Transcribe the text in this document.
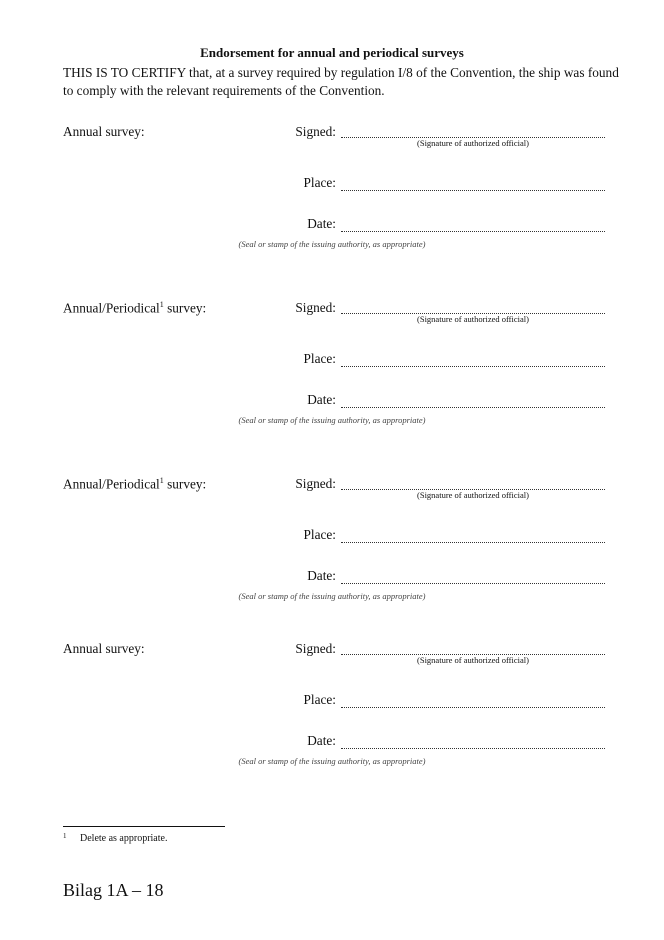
Endorsement for annual and periodical surveys
THIS IS TO CERTIFY that, at a survey required by regulation I/8 of the Convention, the ship was found to comply with the relevant requirements of the Convention.
Annual survey:	Signed:
(Signature of authorized official)
Place:
Date:
(Seal or stamp of the issuing authority, as appropriate)
Annual/Periodical$^1$ survey:	Signed:
(Signature of authorized official)
Place:
Date:
(Seal or stamp of the issuing authority, as appropriate)
Annual/Periodical$^1$ survey:	Signed:
(Signature of authorized official)
Place:
Date:
(Seal or stamp of the issuing authority, as appropriate)
Annual survey:	Signed:
(Signature of authorized official)
Place:
Date:
(Seal or stamp of the issuing authority, as appropriate)
1 Delete as appropriate.
Bilag 1A – 18
